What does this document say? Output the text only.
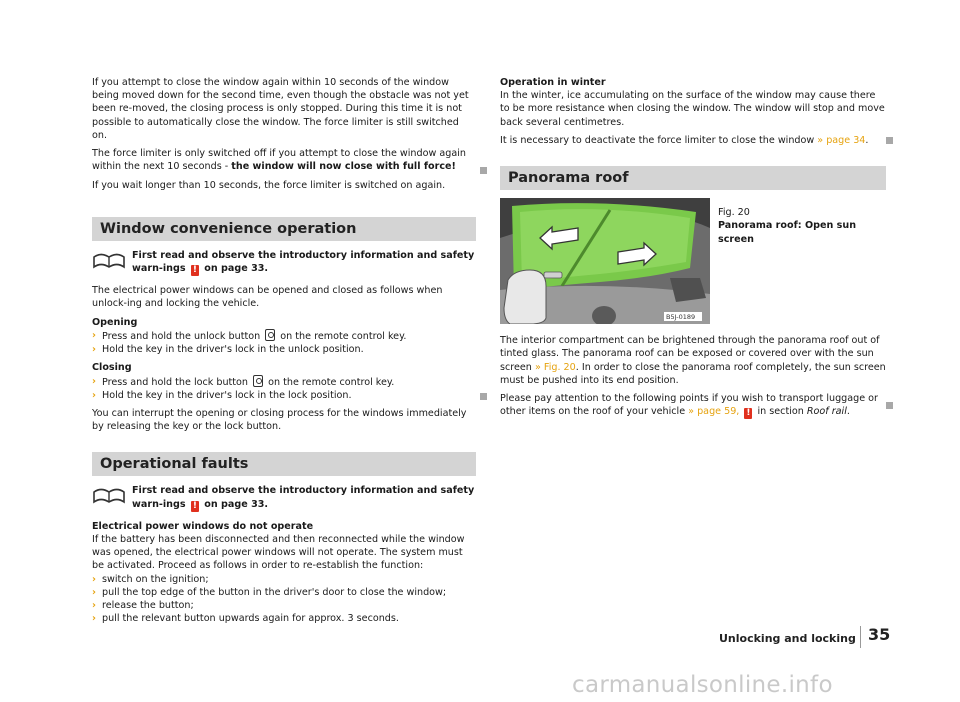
If you attempt to close the window again within 10 seconds of the window being moved down for the second time, even though the obstacle was not yet been re-moved, the closing process is only stopped. During this time it is not possible to automatically close the window. The force limiter is still switched on.

The force limiter is only switched off if you attempt to close the window again within the next 10 seconds - the window will now close with full force!

If you wait longer than 10 seconds, the force limiter is switched on again.

Window convenience operation
First read and observe the introductory information and safety warn-ings ! on page 33.

The electrical power windows can be opened and closed as follows when unlock-ing and locking the vehicle.

Opening

› Press and hold the unlock button on the remote control key.

› Hold the key in the driver's lock in the unlock position.

Closing

› Press and hold the lock button on the remote control key.

› Hold the key in the driver's lock in the lock position.

You can interrupt the opening or closing process for the windows immediately by releasing the key or the lock button.

Operational faults
First read and observe the introductory information and safety warn-ings ! on page 33.

Electrical power windows do not operate

If the battery has been disconnected and then reconnected while the window was opened, the electrical power windows will not operate. The system must be activated. Proceed as follows in order to re-establish the function:

› switch on the ignition;

› pull the top edge of the button in the driver's door to close the window;

› release the button;

› pull the relevant button upwards again for approx. 3 seconds.

Operation in winter

In the winter, ice accumulating on the surface of the window may cause there to be more resistance when closing the window. The window will stop and move back several centimetres.

It is necessary to deactivate the force limiter to close the window » page 34.

Panorama roof
B5J-0189
Fig. 20
Panorama roof: Open sun screen

The interior compartment can be brightened through the panorama roof out of tinted glass. The panorama roof can be exposed or covered over with the sun screen » Fig. 20. In order to close the panorama roof completely, the sun screen must be pushed into its end position.

Please pay attention to the following points if you wish to transport luggage or other items on the roof of your vehicle » page 59, ! in section Roof rail.

Unlocking and locking 35
carmanualsonline.info
